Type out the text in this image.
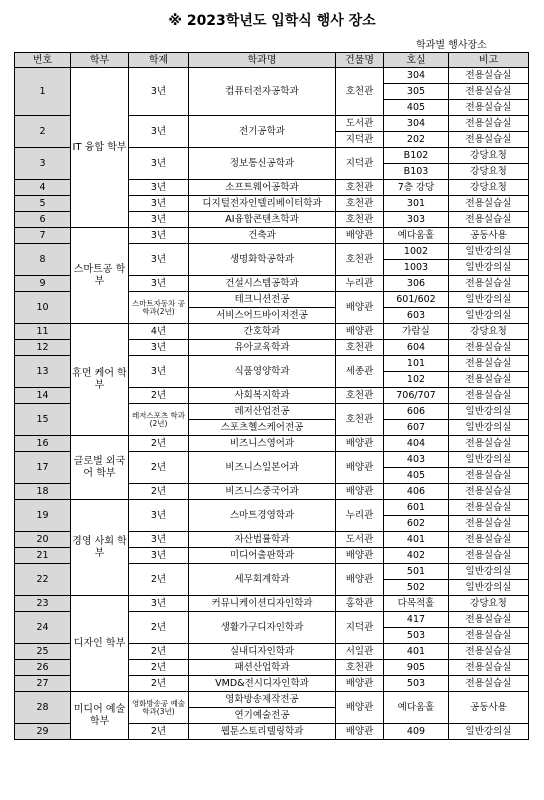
※ 2023학년도 입학식 행사 장소
학과별 행사장소
번호	학부	학제	학과명	건물명	호실	비고
1	IT 융합 학부	3년	컴퓨터전자공학과	호천관	304	전용실습실
					305	전용실습실
					405	전용실습실
2		3년	전기공학과	도서관	304	전용실습실
				지덕관	202	전용실습실
3		3년	정보통신공학과	지덕관	B102	강당요청
					B103	강당요청
4		3년	소프트웨어공학과	호천관	7층 강당	강당요청
5		3년	디지털전자인텔리베이터학과	호천관	301	전용실습실
6		3년	AI융합콘텐츠학과	호천관	303	전용실습실
7	스마트공 학부	3년	건축과	배양관	예다움홀	공동사용
8		3년	생명화학공학과	호천관	1002	일반강의실
					1003	일반강의실
9		3년	건설시스템공학과	누리관	306	전용실습실
10		스마트자동차 공학과(2년)	테크니션전공	배양관	601/602	일반강의실
			서비스어드바이저전공		603	일반강의실
11	휴먼 케어 학부	4년	간호학과	배양관	가람실	강당요청
12		3년	유아교육학과	호천관	604	전용실습실
13		3년	식품영양학과	세종관	101	전용실습실
					102	전용실습실
14		2년	사회복지학과	호천관	706/707	전용실습실
15		레저스포츠 학과(2년)	레저산업전공	호천관	606	일반강의실
			스포츠헬스케어전공		607	일반강의실
16	글로벌 외국어 학부	2년	비즈니스영어과	배양관	404	전용실습실
17		2년	비즈니스일본어과	배양관	403	일반강의실
					405	전용실습실
18		2년	비즈니스중국어과	배양관	406	전용실습실
19	경영 사회 학부	3년	스마트경영학과	누리관	601	전용실습실
					602	전용실습실
20		3년	자산법률학과	도서관	401	전용실습실
21		3년	미디어출판학과	배양관	402	전용실습실
22		2년	세무회계학과	배양관	501	일반강의실
					502	일반강의실
23	디자인 학부	3년	커뮤니케이션디자인학과	홍학관	다목적홀	강당요청
24		2년	생활가구디자인학과	지덕관	417	전용실습실
					503	전용실습실
25		2년	실내디자인학과	서일관	401	전용실습실
26		2년	패션산업학과	호천관	905	전용실습실
27		2년	VMD&전시디자인학과	배양관	503	전용실습실
28	미디어 예술 학부	영화방송공 예술학과(3년)	영화방송제작전공	배양관	예다움홀	공동사용
			연기예술전공			
29		2년	웹툰스토리텔링학과	배양관	409	일반강의실
